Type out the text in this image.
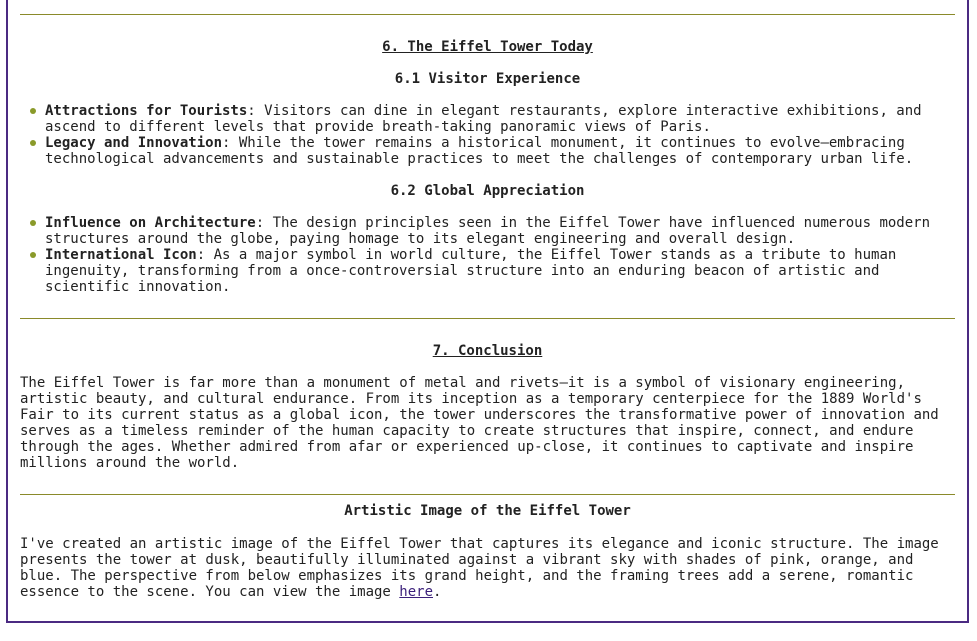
6. The Eiffel Tower Today
6.1 Visitor Experience
Attractions for Tourists: Visitors can dine in elegant restaurants, explore interactive exhibitions, and ascend to different levels that provide breath-taking panoramic views of Paris.
Legacy and Innovation: While the tower remains a historical monument, it continues to evolve—embracing technological advancements and sustainable practices to meet the challenges of contemporary urban life.
6.2 Global Appreciation
Influence on Architecture: The design principles seen in the Eiffel Tower have influenced numerous modern structures around the globe, paying homage to its elegant engineering and overall design.
International Icon: As a major symbol in world culture, the Eiffel Tower stands as a tribute to human ingenuity, transforming from a once-controversial structure into an enduring beacon of artistic and scientific innovation.
7. Conclusion

The Eiffel Tower is far more than a monument of metal and rivets—it is a symbol of visionary engineering, artistic beauty, and cultural endurance. From its inception as a temporary centerpiece for the 1889 World's Fair to its current status as a global icon, the tower underscores the transformative power of innovation and serves as a timeless reminder of the human capacity to create structures that inspire, connect, and endure through the ages. Whether admired from afar or experienced up-close, it continues to captivate and inspire millions around the world.

Artistic Image of the Eiffel Tower

I've created an artistic image of the Eiffel Tower that captures its elegance and iconic structure. The image presents the tower at dusk, beautifully illuminated against a vibrant sky with shades of pink, orange, and blue. The perspective from below emphasizes its grand height, and the framing trees add a serene, romantic essence to the scene. You can view the image here.
